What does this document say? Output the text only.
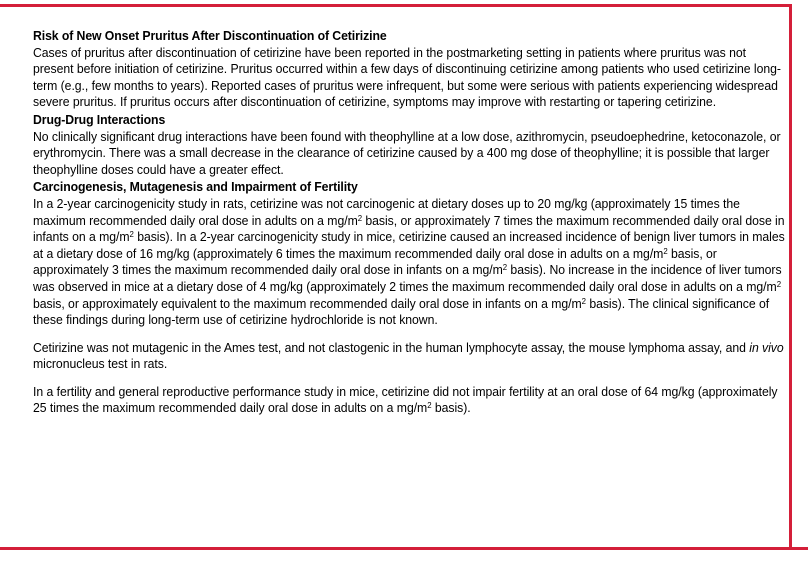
Risk of New Onset Pruritus After Discontinuation of Cetirizine

Cases of pruritus after discontinuation of cetirizine have been reported in the postmarketing setting in patients where pruritus was not present before initiation of cetirizine. Pruritus occurred within a few days of discontinuing cetirizine among patients who used cetirizine long-term (e.g., few months to years). Reported cases of pruritus were infrequent, but some were serious with patients experiencing widespread severe pruritus. If pruritus occurs after discontinuation of cetirizine, symptoms may improve with restarting or tapering cetirizine.

Drug-Drug Interactions

No clinically significant drug interactions have been found with theophylline at a low dose, azithromycin, pseudoephedrine, ketoconazole, or erythromycin. There was a small decrease in the clearance of cetirizine caused by a 400 mg dose of theophylline; it is possible that larger theophylline doses could have a greater effect.

Carcinogenesis, Mutagenesis and Impairment of Fertility

In a 2-year carcinogenicity study in rats, cetirizine was not carcinogenic at dietary doses up to 20 mg/kg (approximately 15 times the maximum recommended daily oral dose in adults on a $mg/m^2$ basis, or approximately 7 times the maximum recommended daily oral dose in infants on a $mg/m^2$ basis). In a 2-year carcinogenicity study in mice, cetirizine caused an increased incidence of benign liver tumors in males at a dietary dose of 16 mg/kg (approximately 6 times the maximum recommended daily oral dose in adults on a $mg/m^2$ basis, or approximately 3 times the maximum recommended daily oral dose in infants on a $mg/m^2$ basis). No increase in the incidence of liver tumors was observed in mice at a dietary dose of 4 mg/kg (approximately 2 times the maximum recommended daily oral dose in adults on a $mg/m^2$ basis, or approximately equivalent to the maximum recommended daily oral dose in infants on a $mg/m^2$ basis). The clinical significance of these findings during long-term use of cetirizine hydrochloride is not known.

Cetirizine was not mutagenic in the Ames test, and not clastogenic in the human lymphocyte assay, the mouse lymphoma assay, and in vivo micronucleus test in rats.

In a fertility and general reproductive performance study in mice, cetirizine did not impair fertility at an oral dose of 64 mg/kg (approximately 25 times the maximum recommended daily oral dose in adults on a $mg/m^2$ basis).
